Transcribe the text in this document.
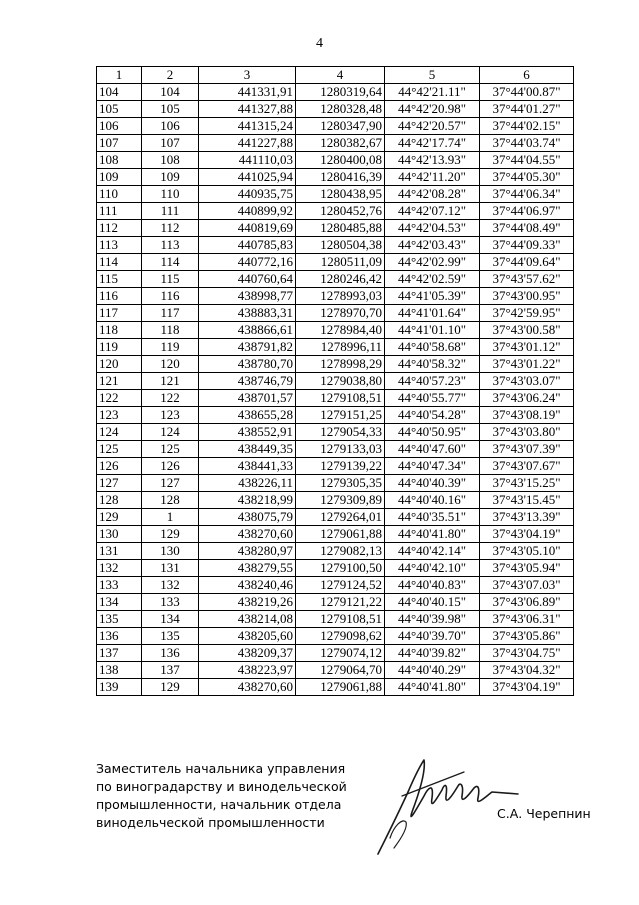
4
1	2	3	4	5	6
104	104	441331,91	1280319,64	44°42'21.11"	37°44'00.87"
105	105	441327,88	1280328,48	44°42'20.98"	37°44'01.27"
106	106	441315,24	1280347,90	44°42'20.57"	37°44'02.15"
107	107	441227,88	1280382,67	44°42'17.74"	37°44'03.74"
108	108	441110,03	1280400,08	44°42'13.93"	37°44'04.55"
109	109	441025,94	1280416,39	44°42'11.20"	37°44'05.30"
110	110	440935,75	1280438,95	44°42'08.28"	37°44'06.34"
111	111	440899,92	1280452,76	44°42'07.12"	37°44'06.97"
112	112	440819,69	1280485,88	44°42'04.53"	37°44'08.49"
113	113	440785,83	1280504,38	44°42'03.43"	37°44'09.33"
114	114	440772,16	1280511,09	44°42'02.99"	37°44'09.64"
115	115	440760,64	1280246,42	44°42'02.59"	37°43'57.62"
116	116	438998,77	1278993,03	44°41'05.39"	37°43'00.95"
117	117	438883,31	1278970,70	44°41'01.64"	37°42'59.95"
118	118	438866,61	1278984,40	44°41'01.10"	37°43'00.58"
119	119	438791,82	1278996,11	44°40'58.68"	37°43'01.12"
120	120	438780,70	1278998,29	44°40'58.32"	37°43'01.22"
121	121	438746,79	1279038,80	44°40'57.23"	37°43'03.07"
122	122	438701,57	1279108,51	44°40'55.77"	37°43'06.24"
123	123	438655,28	1279151,25	44°40'54.28"	37°43'08.19"
124	124	438552,91	1279054,33	44°40'50.95"	37°43'03.80"
125	125	438449,35	1279133,03	44°40'47.60"	37°43'07.39"
126	126	438441,33	1279139,22	44°40'47.34"	37°43'07.67"
127	127	438226,11	1279305,35	44°40'40.39"	37°43'15.25"
128	128	438218,99	1279309,89	44°40'40.16"	37°43'15.45"
129	1	438075,79	1279264,01	44°40'35.51"	37°43'13.39"
130	129	438270,60	1279061,88	44°40'41.80"	37°43'04.19"
131	130	438280,97	1279082,13	44°40'42.14"	37°43'05.10"
132	131	438279,55	1279100,50	44°40'42.10"	37°43'05.94"
133	132	438240,46	1279124,52	44°40'40.83"	37°43'07.03"
134	133	438219,26	1279121,22	44°40'40.15"	37°43'06.89"
135	134	438214,08	1279108,51	44°40'39.98"	37°43'06.31"
136	135	438205,60	1279098,62	44°40'39.70"	37°43'05.86"
137	136	438209,37	1279074,12	44°40'39.82"	37°43'04.75"
138	137	438223,97	1279064,70	44°40'40.29"	37°43'04.32"
139	129	438270,60	1279061,88	44°40'41.80"	37°43'04.19"
Заместитель начальника управления
по виноградарству и винодельческой
промышленности, начальник отдела
винодельческой промышленности
С.А. Черепнин
